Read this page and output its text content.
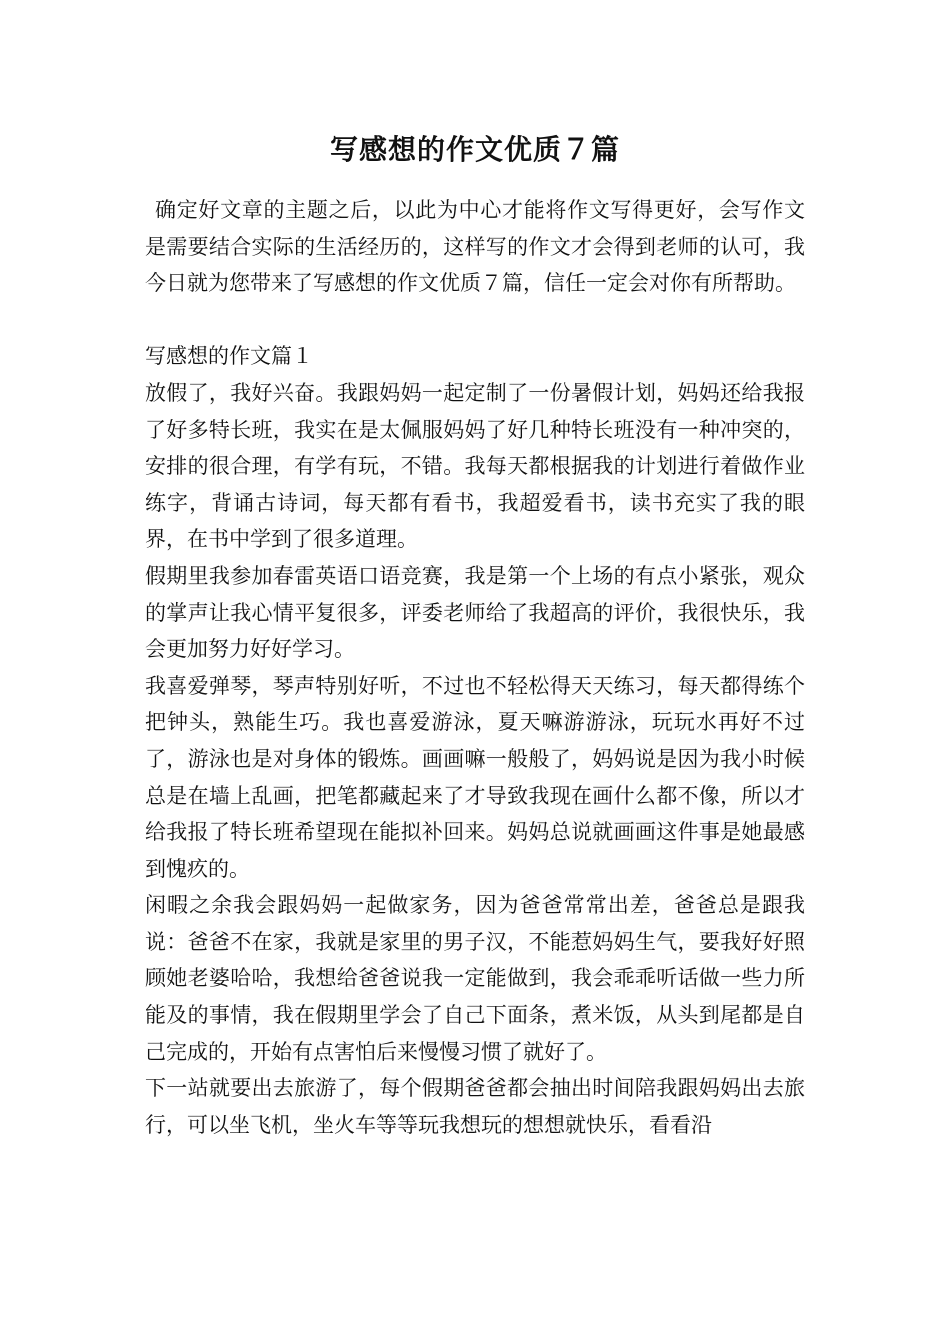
写感想的作文优质７篇

确定好文章的主题之后，以此为中心才能将作文写得更好，会写作文是需要结合实际的生活经历的，这样写的作文才会得到老师的认可，我今日就为您带来了写感想的作文优质７篇，信任一定会对你有所帮助。

写感想的作文篇１

放假了，我好兴奋。我跟妈妈一起定制了一份暑假计划，妈妈还给我报了好多特长班，我实在是太佩服妈妈了好几种特长班没有一种冲突的，安排的很合理，有学有玩，不错。我每天都根据我的计划进行着做作业练字，背诵古诗词，每天都有看书，我超爱看书，读书充实了我的眼界，在书中学到了很多道理。

假期里我参加春雷英语口语竞赛，我是第一个上场的有点小紧张，观众的掌声让我心情平复很多，评委老师给了我超高的评价，我很快乐，我会更加努力好好学习。

我喜爱弹琴，琴声特别好听，不过也不轻松得天天练习，每天都得练个把钟头，熟能生巧。我也喜爱游泳，夏天嘛游游泳，玩玩水再好不过了，游泳也是对身体的锻炼。画画嘛一般般了，妈妈说是因为我小时候总是在墙上乱画，把笔都藏起来了才导致我现在画什么都不像，所以才给我报了特长班希望现在能拟补回来。妈妈总说就画画这件事是她最感到愧疚的。

闲暇之余我会跟妈妈一起做家务，因为爸爸常常出差，爸爸总是跟我说：爸爸不在家，我就是家里的男子汉，不能惹妈妈生气，要我好好照顾她老婆哈哈，我想给爸爸说我一定能做到，我会乖乖听话做一些力所能及的事情，我在假期里学会了自己下面条，煮米饭，从头到尾都是自己完成的，开始有点害怕后来慢慢习惯了就好了。

下一站就要出去旅游了，每个假期爸爸都会抽出时间陪我跟妈妈出去旅行，可以坐飞机，坐火车等等玩我想玩的想想就快乐，看看沿
